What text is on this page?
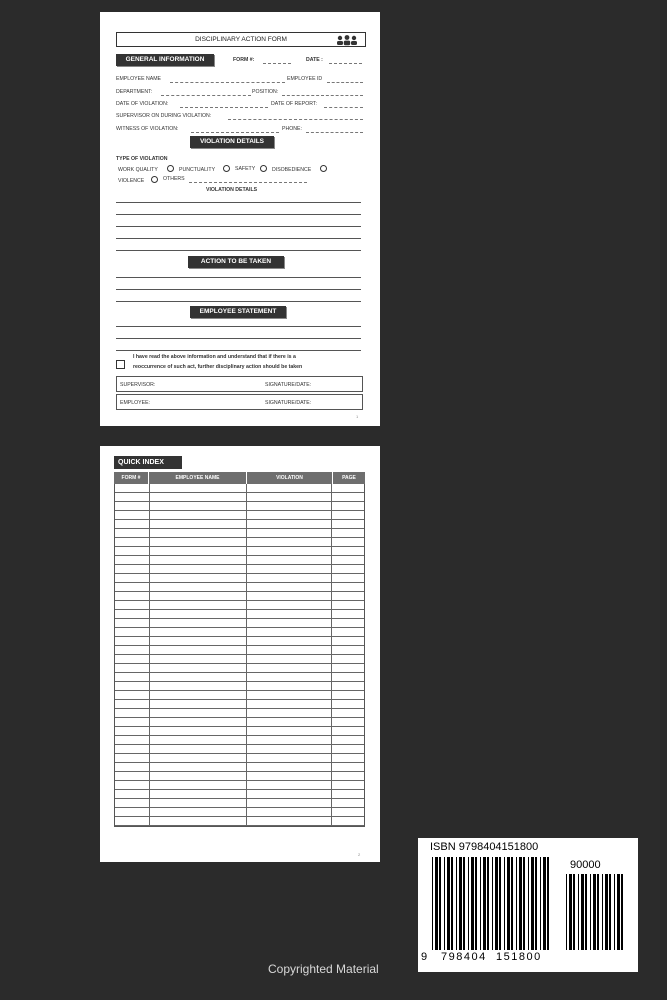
Copyrighted Material
DISCIPLINARY ACTION FORM
GENERAL INFORMATION	FORM #:	DATE :
EMPLOYEE NAME	EMPLOYEE ID
DEPARTMENT:	POSITION:
DATE OF VIOLATION:	DATE OF REPORT:
SUPERVISOR ON DURING VIOLATION:
WITNESS OF VIOLATION:	PHONE:
VIOLATION DETAILS
TYPE OF VIOLATION
WORK QUALITY	PUNCTUALITY	SAFETY	DISOBEDIENCE
VIOLENCE	OTHERS
VIOLATION DETAILS
ACTION TO BE TAKEN
EMPLOYEE STATEMENT
I have read the above information and understand that if there is a
reoccurrence of such act, further disciplinary action should be taken
SUPERVISOR:	SIGNATURE/DATE:
EMPLOYEE:	SIGNATURE/DATE:
1
QUICK INDEX
FORM #	EMPLOYEE NAME	VIOLATION	PAGE
2
ISBN 9798404151800
90000
9 798404 151800
